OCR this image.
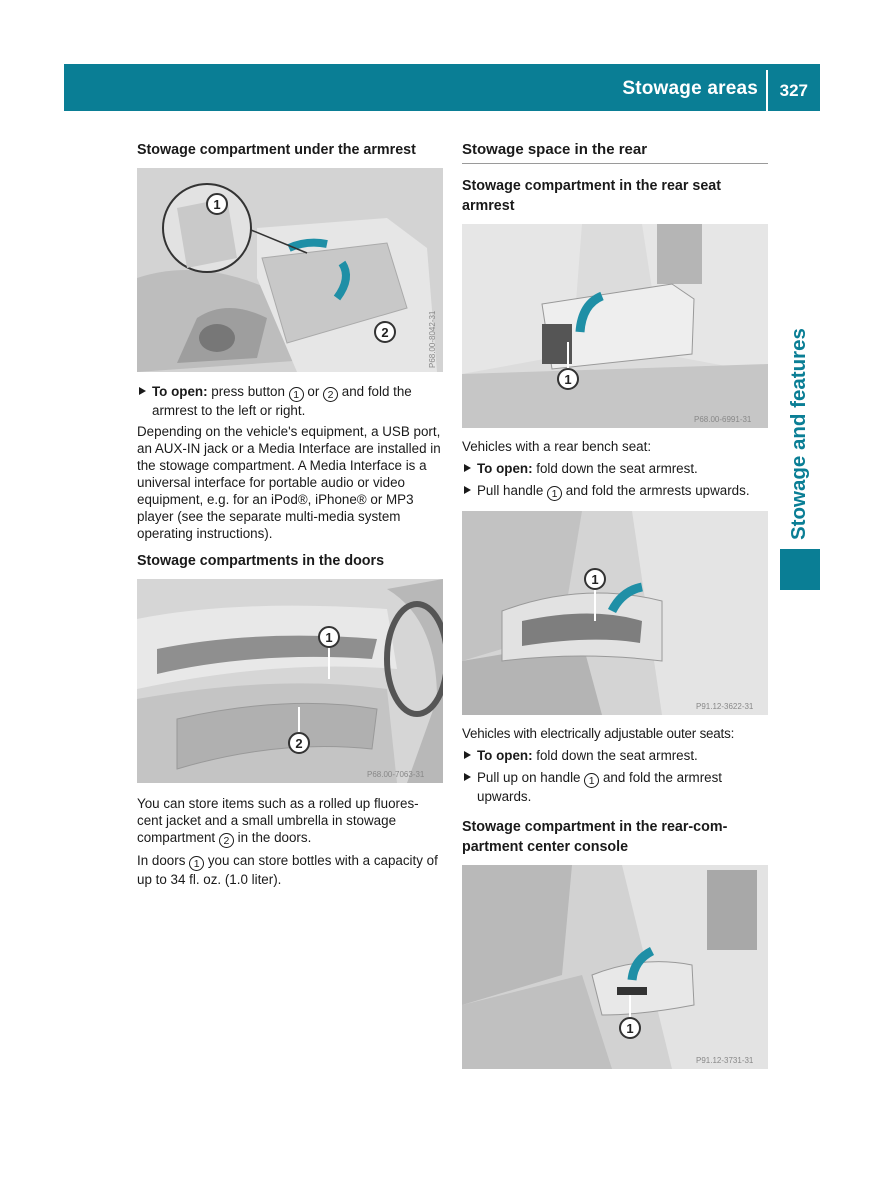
Stowage areas 327
Stowage and features
Stowage compartment under the armrest
1
2	P68.00-8042-31

To open: press button 1 or 2 and fold the armrest to the left or right.

Depending on the vehicle's equipment, a USB port, an AUX-IN jack or a Media Interface are installed in the stowage compartment. A Media Interface is a universal interface for portable audio or video equipment, e.g. for an iPod®, iPhone® or MP3 player (see the separate multi-media system operating instructions).

Stowage compartments in the doors
1
2
P68.00-7063-31

You can store items such as a rolled up fluores-cent jacket and a small umbrella in stowage compartment 2 in the doors.

In doors 1 you can store bottles with a capacity of up to 34 fl. oz. (1.0 liter).

Stowage space in the rear
Stowage compartment in the rear seat armrest
1
P68.00-6991-31

Vehicles with a rear bench seat:

To open: fold down the seat armrest.

Pull handle 1 and fold the armrests upwards.

1
P91.12-3622-31

Vehicles with electrically adjustable outer seats:

To open: fold down the seat armrest.

Pull up on handle 1 and fold the armrest upwards.

Stowage compartment in the rear-com-partment center console
1
P91.12-3731-31
